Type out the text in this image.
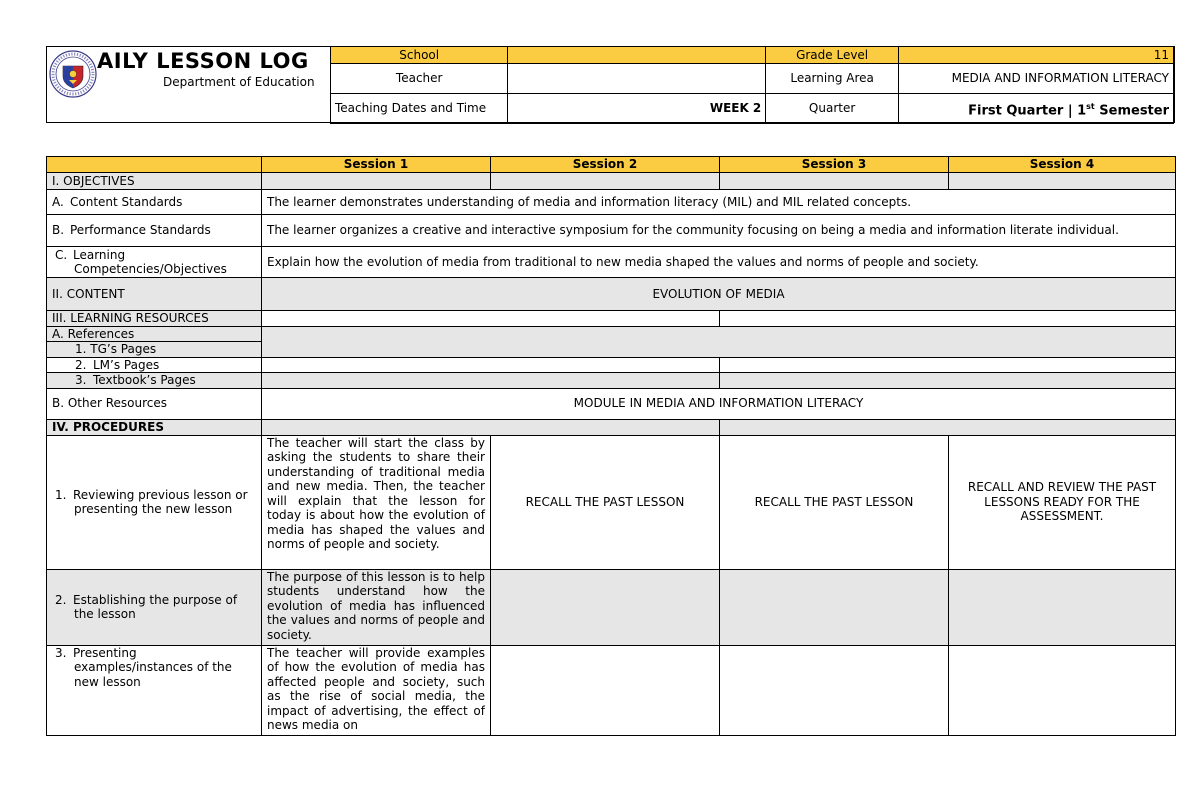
AILY LESSON LOG
Department of Education
School		Grade Level	11
Teacher		Learning Area	MEDIA AND INFORMATION LITERACY
Teaching Dates and Time	WEEK 2	Quarter	First Quarter | 1st Semester
	Session 1	Session 2	Session 3	Session 4
I. OBJECTIVES				
A. Content Standards	The learner demonstrates understanding of media and information literacy (MIL) and MIL related concepts.			
B. Performance Standards	The learner organizes a creative and interactive symposium for the community focusing on being a media and information literate individual.			
C. Learning Competencies/Objectives	Explain how the evolution of media from traditional to new media shaped the values and norms of people and society.			
II. CONTENT	EVOLUTION OF MEDIA			
III. LEARNING RESOURCES				
A. References				
1. TG’s Pages				
2. LM’s Pages				
3. Textbook’s Pages				
B. Other Resources	MODULE IN MEDIA AND INFORMATION LITERACY			
IV. PROCEDURES				
1. Reviewing previous lesson or presenting the new lesson	The teacher will start the class by asking the students to share their understanding of traditional media and new media. Then, the teacher will explain that the lesson for today is about how the evolution of media has shaped the values and norms of people and society.	RECALL THE PAST LESSON	RECALL THE PAST LESSON	RECALL AND REVIEW THE PAST LESSONS READY FOR THE ASSESSMENT.
2. Establishing the purpose of the lesson	The purpose of this lesson is to help students understand how the evolution of media has influenced the values and norms of people and society.			
3. Presenting examples/instances of the new lesson	The teacher will provide examples of how the evolution of media has affected people and society, such as the rise of social media, the impact of advertising, the effect of news media on			
